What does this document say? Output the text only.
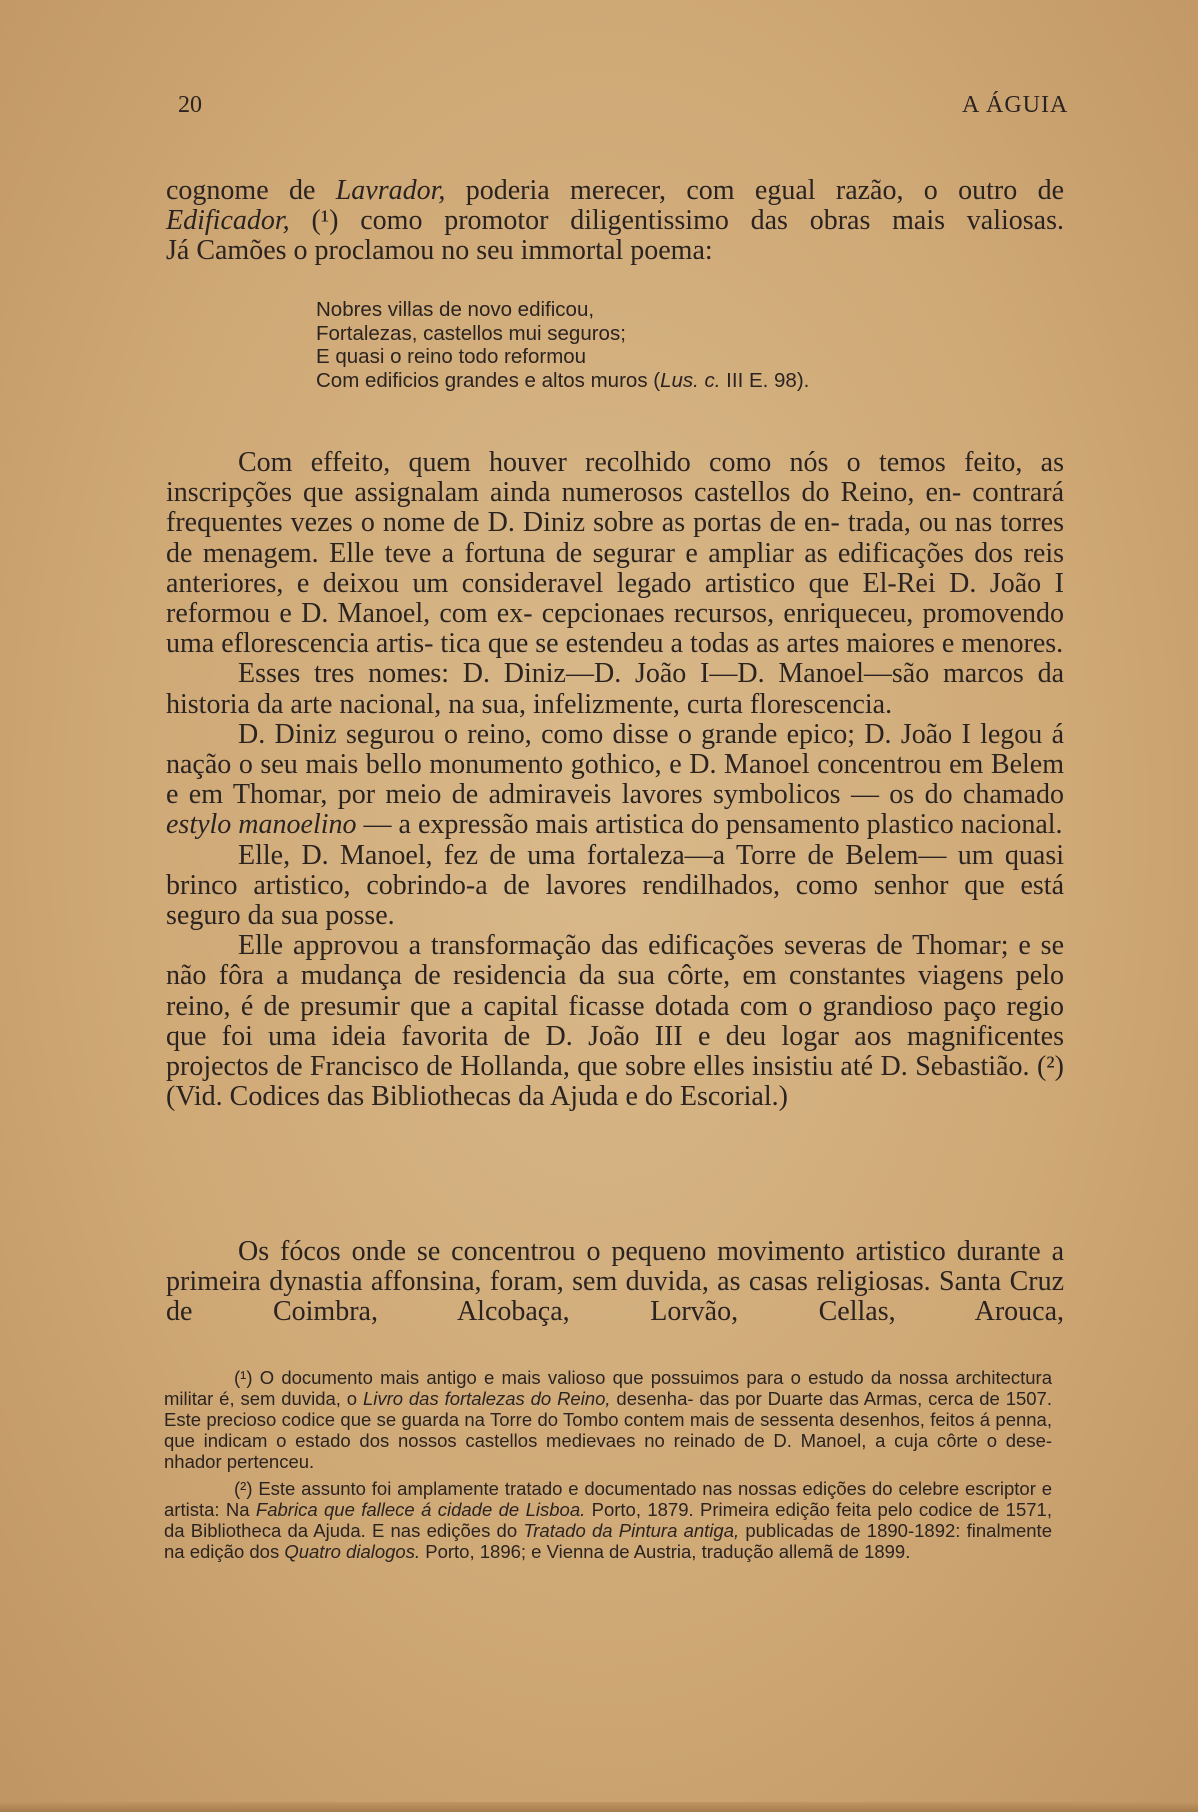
20	A ÁGUIA

cognome de Lavrador, poderia merecer, com egual razão, o outro de
Edificador, (¹) como promotor diligentissimo das obras mais valiosas.

Já Camões o proclamou no seu immortal poema:

Nobres villas de novo edificou,
Fortalezas, castellos mui seguros;
E quasi o reino todo reformou
Com edificios grandes e altos muros (Lus. c. III E. 98).

Com effeito, quem houver recolhido como nós o temos feito, as inscripções que assignalam ainda numerosos castellos do Reino, en- contrará frequentes vezes o nome de D. Diniz sobre as portas de en- trada, ou nas torres de menagem. Elle teve a fortuna de segurar e ampliar as edificações dos reis anteriores, e deixou um consideravel legado artistico que El-Rei D. João I reformou e D. Manoel, com ex- cepcionaes recursos, enriqueceu, promovendo uma eflorescencia artis- tica que se estendeu a todas as artes maiores e menores.

Esses tres nomes: D. Diniz—D. João I—D. Manoel—são marcos da historia da arte nacional, na sua, infelizmente, curta florescencia.

D. Diniz segurou o reino, como disse o grande epico; D. João I legou á nação o seu mais bello monumento gothico, e D. Manoel concentrou em Belem e em Thomar, por meio de admiraveis lavores symbolicos — os do chamado estylo manoelino — a expressão mais artistica do pensamento plastico nacional.

Elle, D. Manoel, fez de uma fortaleza—a Torre de Belem— um quasi brinco artistico, cobrindo-a de lavores rendilhados, como senhor que está seguro da sua posse.

Elle approvou a transformação das edificações severas de Thomar; e se não fôra a mudança de residencia da sua côrte, em constantes viagens pelo reino, é de presumir que a capital ficasse dotada com o grandioso paço regio que foi uma ideia favorita de D. João III e deu logar aos magnificentes projectos de Francisco de Hollanda, que sobre elles insistiu até D. Sebastião. (²) (Vid. Codices das Bibliothecas da Ajuda e do Escorial.)

Os fócos onde se concentrou o pequeno movimento artistico durante a primeira dynastia affonsina, foram, sem duvida, as casas religiosas. Santa Cruz de Coimbra, Alcobaça, Lorvão, Cellas, Arouca,

(¹) O documento mais antigo e mais valioso que possuimos para o estudo da nossa architectura militar é, sem duvida, o Livro das fortalezas do Reino, desenha- das por Duarte das Armas, cerca de 1507. Este precioso codice que se guarda na Torre do Tombo contem mais de sessenta desenhos, feitos á penna, que indicam o estado dos nossos castellos medievaes no reinado de D. Manoel, a cuja côrte o dese- nhador pertenceu.

(²) Este assunto foi amplamente tratado e documentado nas nossas edições do celebre escriptor e artista: Na Fabrica que fallece á cidade de Lisboa. Porto, 1879. Primeira edição feita pelo codice de 1571, da Bibliotheca da Ajuda. E nas edições do Tratado da Pintura antiga, publicadas de 1890-1892: finalmente na edição dos Quatro dialogos. Porto, 1896; e Vienna de Austria, tradução allemã de 1899.
